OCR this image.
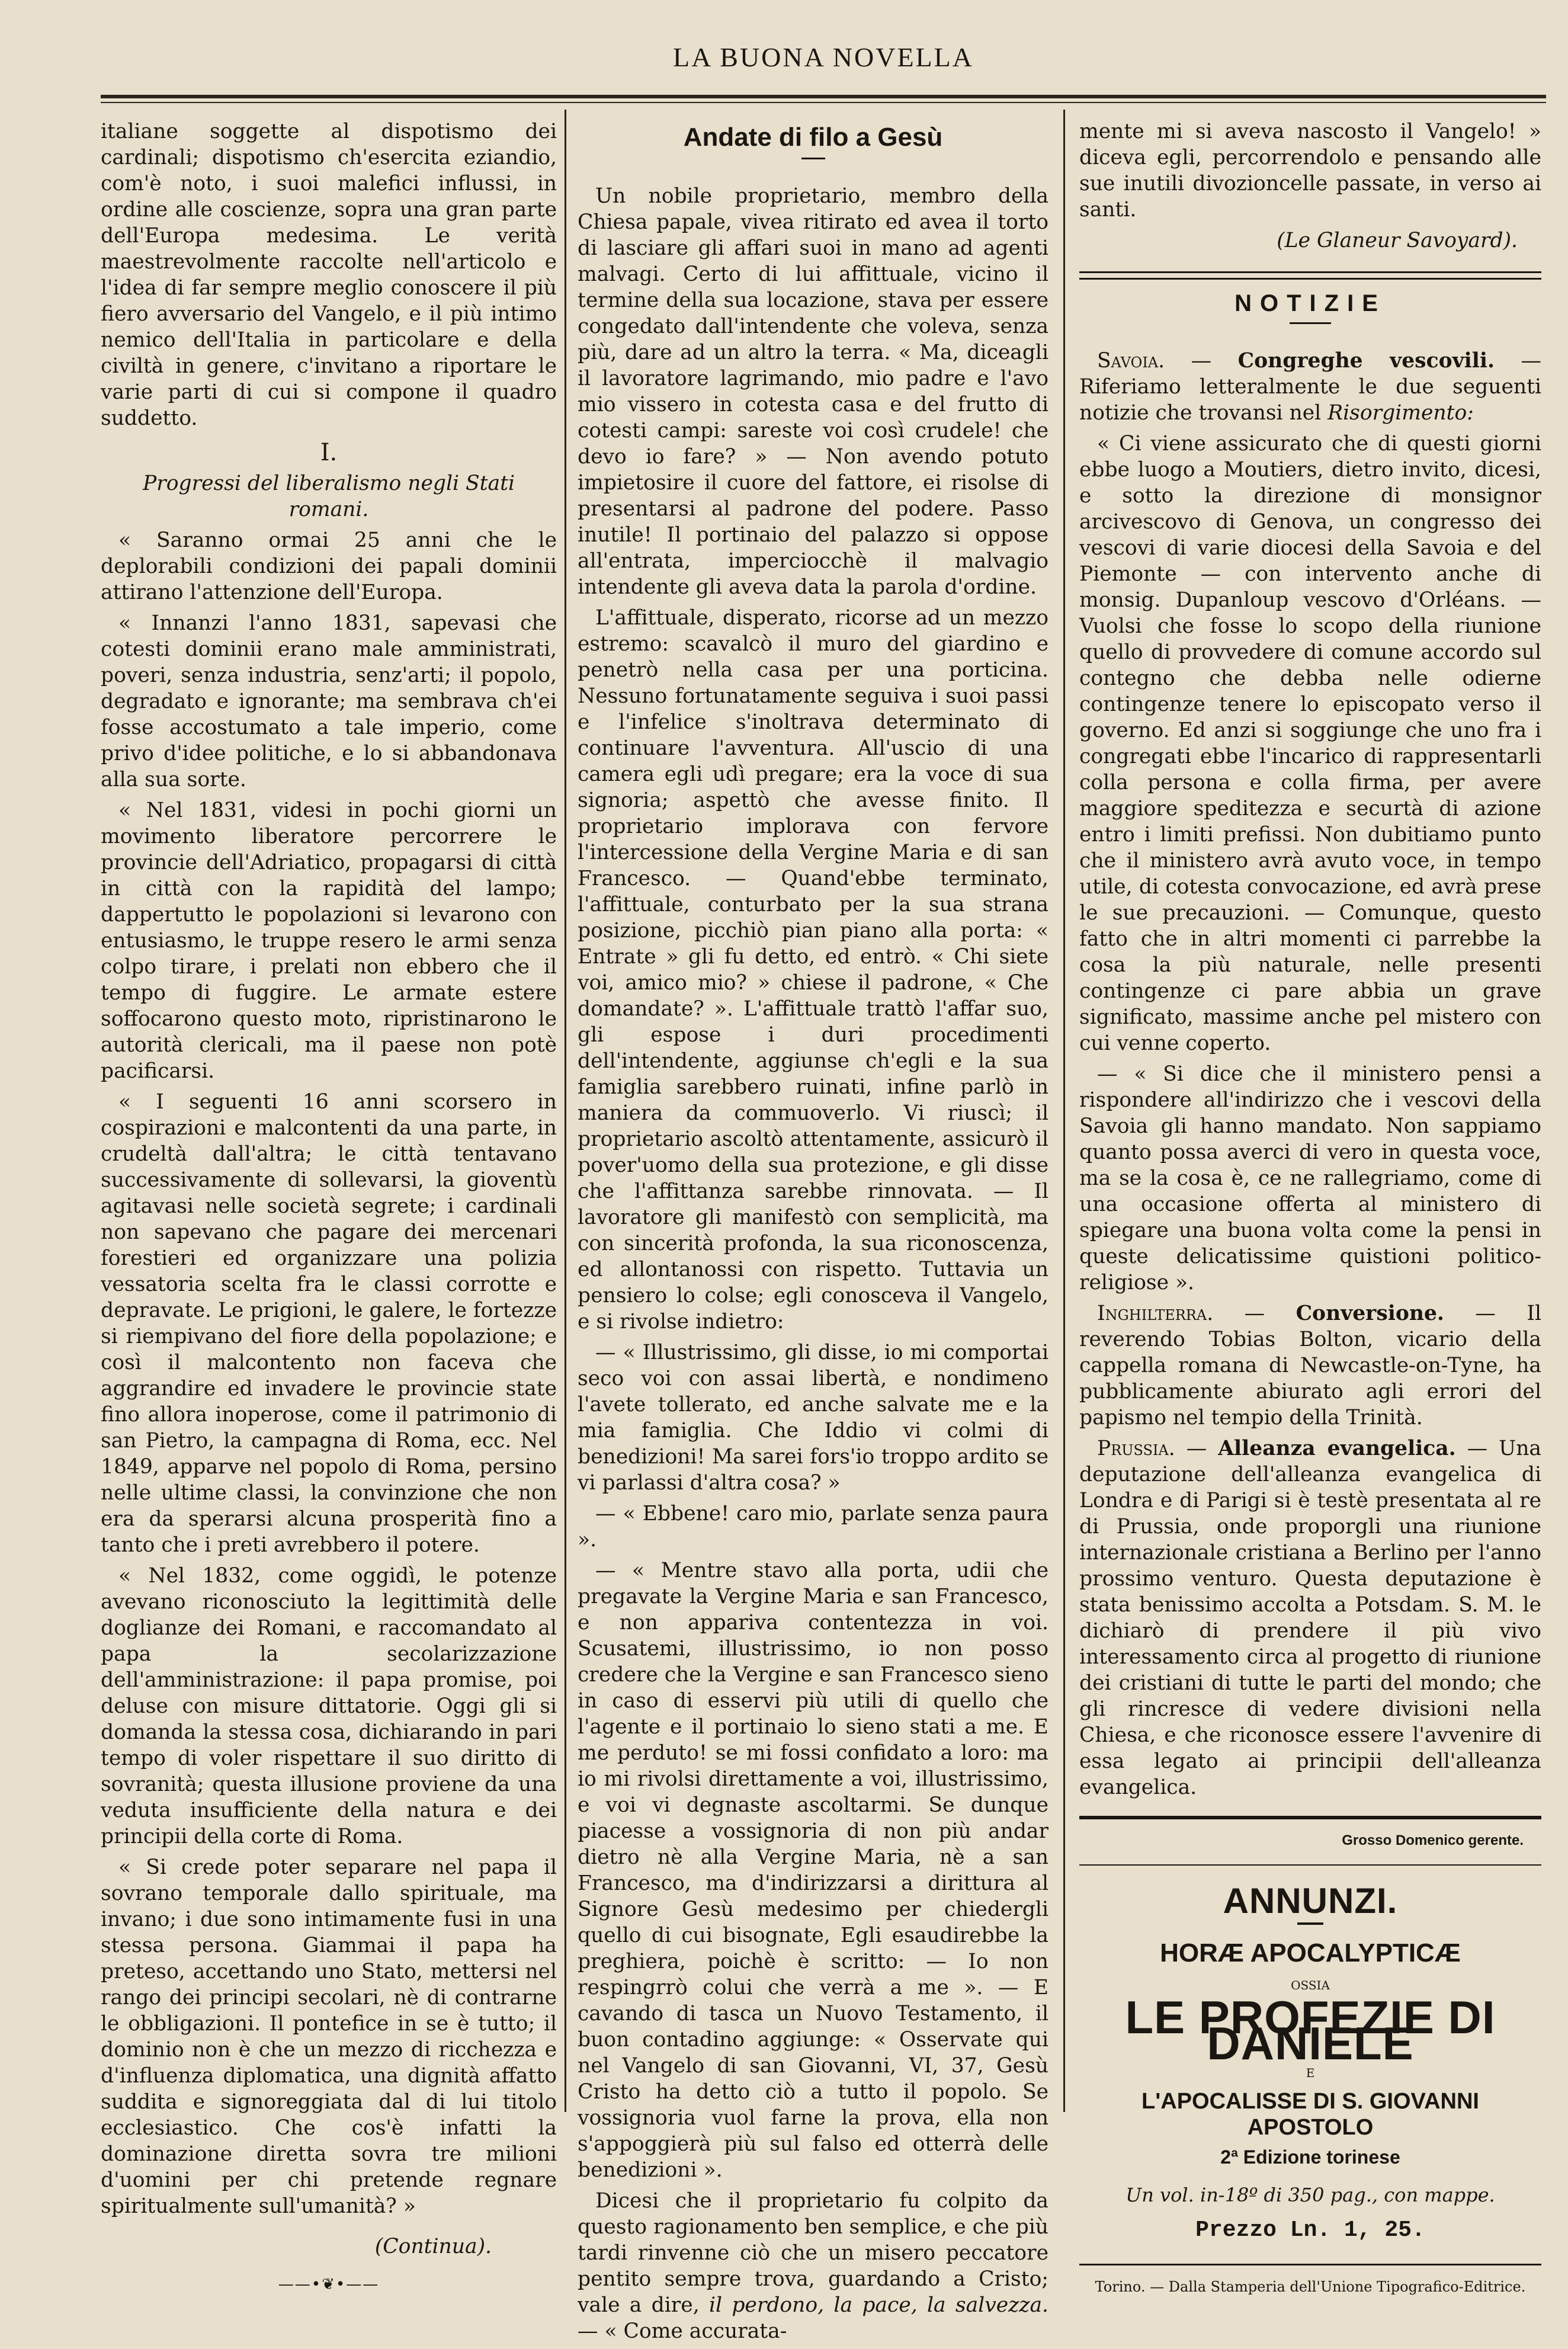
LA BUONA NOVELLA

italiane soggette al dispotismo dei cardinali; dispotismo ch'esercita eziandio, com'è noto, i suoi malefici influssi, in ordine alle coscienze, sopra una gran parte dell'Europa medesima. Le verità maestrevolmente raccolte nell'articolo e l'idea di far sempre meglio conoscere il più fiero avversario del Vangelo, e il più intimo nemico dell'Italia in particolare e della civiltà in genere, c'invitano a riportare le varie parti di cui si compone il quadro suddetto.

I.

Progressi del liberalismo negli Stati romani.

« Saranno ormai 25 anni che le deplorabili condizioni dei papali dominii attirano l'attenzione dell'Europa.

« Innanzi l'anno 1831, sapevasi che cotesti dominii erano male amministrati, poveri, senza industria, senz'arti; il popolo, degradato e ignorante; ma sembrava ch'ei fosse accostumato a tale imperio, come privo d'idee politiche, e lo si abbandonava alla sua sorte.

« Nel 1831, videsi in pochi giorni un movimento liberatore percorrere le provincie dell'Adriatico, propagarsi di città in città con la rapidità del lampo; dappertutto le popolazioni si levarono con entusiasmo, le truppe resero le armi senza colpo tirare, i prelati non ebbero che il tempo di fuggire. Le armate estere soffocarono questo moto, ripristinarono le autorità clericali, ma il paese non potè pacificarsi.

« I seguenti 16 anni scorsero in cospirazioni e malcontenti da una parte, in crudeltà dall'altra; le città tentavano successivamente di sollevarsi, la gioventù agitavasi nelle società segrete; i cardinali non sapevano che pagare dei mercenari forestieri ed organizzare una polizia vessatoria scelta fra le classi corrotte e depravate. Le prigioni, le galere, le fortezze si riempivano del fiore della popolazione; e così il malcontento non faceva che aggrandire ed invadere le provincie state fino allora inoperose, come il patrimonio di san Pietro, la campagna di Roma, ecc. Nel 1849, apparve nel popolo di Roma, persino nelle ultime classi, la convinzione che non era da sperarsi alcuna prosperità fino a tanto che i preti avrebbero il potere.

« Nel 1832, come oggidì, le potenze avevano riconosciuto la legittimità delle doglianze dei Romani, e raccomandato al papa la secolarizzazione dell'amministrazione: il papa promise, poi deluse con misure dittatorie. Oggi gli si domanda la stessa cosa, dichiarando in pari tempo di voler rispettare il suo diritto di sovranità; questa illusione proviene da una veduta insufficiente della natura e dei principii della corte di Roma.

« Si crede poter separare nel papa il sovrano temporale dallo spirituale, ma invano; i due sono intimamente fusi in una stessa persona. Giammai il papa ha preteso, accettando uno Stato, mettersi nel rango dei principi secolari, nè di contrarne le obbligazioni. Il pontefice in se è tutto; il dominio non è che un mezzo di ricchezza e d'influenza diplomatica, una dignità affatto suddita e signoreggiata dal di lui titolo ecclesiastico. Che cos'è infatti la dominazione diretta sovra tre milioni d'uomini per chi pretende regnare spiritualmente sull'umanità? »

(Continua).
——•❦•——
Andate di filo a Gesù

Un nobile proprietario, membro della Chiesa papale, vivea ritirato ed avea il torto di lasciare gli affari suoi in mano ad agenti malvagi. Certo di lui affittuale, vicino il termine della sua locazione, stava per essere congedato dall'intendente che voleva, senza più, dare ad un altro la terra. « Ma, diceagli il lavoratore lagrimando, mio padre e l'avo mio vissero in cotesta casa e del frutto di cotesti campi: sareste voi così crudele! che devo io fare? » — Non avendo potuto impietosire il cuore del fattore, ei risolse di presentarsi al padrone del podere. Passo inutile! Il portinaio del palazzo si oppose all'entrata, imperciocchè il malvagio intendente gli aveva data la parola d'ordine.

L'affittuale, disperato, ricorse ad un mezzo estremo: scavalcò il muro del giardino e penetrò nella casa per una porticina. Nessuno fortunatamente seguiva i suoi passi e l'infelice s'inoltrava determinato di continuare l'avventura. All'uscio di una camera egli udì pregare; era la voce di sua signoria; aspettò che avesse finito. Il proprietario implorava con fervore l'intercessione della Vergine Maria e di san Francesco. — Quand'ebbe terminato, l'affittuale, conturbato per la sua strana posizione, picchiò pian piano alla porta: « Entrate » gli fu detto, ed entrò. « Chi siete voi, amico mio? » chiese il padrone, « Che domandate? ». L'affittuale trattò l'affar suo, gli espose i duri procedimenti dell'intendente, aggiunse ch'egli e la sua famiglia sarebbero ruinati, infine parlò in maniera da commuoverlo. Vi riuscì; il proprietario ascoltò attentamente, assicurò il pover'uomo della sua protezione, e gli disse che l'affittanza sarebbe rinnovata. — Il lavoratore gli manifestò con semplicità, ma con sincerità profonda, la sua riconoscenza, ed allontanossi con rispetto. Tuttavia un pensiero lo colse; egli conosceva il Vangelo, e si rivolse indietro:

— « Illustrissimo, gli disse, io mi comportai seco voi con assai libertà, e nondimeno l'avete tollerato, ed anche salvate me e la mia famiglia. Che Iddio vi colmi di benedizioni! Ma sarei fors'io troppo ardito se vi parlassi d'altra cosa? »

— « Ebbene! caro mio, parlate senza paura ».

— « Mentre stavo alla porta, udii che pregavate la Vergine Maria e san Francesco, e non appariva contentezza in voi. Scusatemi, illustrissimo, io non posso credere che la Vergine e san Francesco sieno in caso di esservi più utili di quello che l'agente e il portinaio lo sieno stati a me. E me perduto! se mi fossi confidato a loro: ma io mi rivolsi direttamente a voi, illustrissimo, e voi vi degnaste ascoltarmi. Se dunque piacesse a vossignoria di non più andar dietro nè alla Vergine Maria, nè a san Francesco, ma d'indirizzarsi a dirittura al Signore Gesù medesimo per chiedergli quello di cui bisognate, Egli esaudirebbe la preghiera, poichè è scritto: — Io non respingrrò colui che verrà a me ». — E cavando di tasca un Nuovo Testamento, il buon contadino aggiunge: « Osservate qui nel Vangelo di san Giovanni, VI, 37, Gesù Cristo ha detto ciò a tutto il popolo. Se vossignoria vuol farne la prova, ella non s'appoggierà più sul falso ed otterrà delle benedizioni ».

Dicesi che il proprietario fu colpito da questo ragionamento ben semplice, e che più tardi rinvenne ciò che un misero peccatore pentito sempre trova, guardando a Cristo; vale a dire, il perdono, la pace, la salvezza. — « Come accurata-

mente mi si aveva nascosto il Vangelo! » diceva egli, percorrendolo e pensando alle sue inutili divozioncelle passate, in verso ai santi.

(Le Glaneur Savoyard).
NOTIZIE

Savoia. — Congreghe vescovili. — Riferiamo letteralmente le due seguenti notizie che trovansi nel Risorgimento:

« Ci viene assicurato che di questi giorni ebbe luogo a Moutiers, dietro invito, dicesi, e sotto la direzione di monsignor arcivescovo di Genova, un congresso dei vescovi di varie diocesi della Savoia e del Piemonte — con intervento anche di monsig. Dupanloup vescovo d'Orléans. — Vuolsi che fosse lo scopo della riunione quello di provvedere di comune accordo sul contegno che debba nelle odierne contingenze tenere lo episcopato verso il governo. Ed anzi si soggiunge che uno fra i congregati ebbe l'incarico di rappresentarli colla persona e colla firma, per avere maggiore speditezza e securtà di azione entro i limiti prefissi. Non dubitiamo punto che il ministero avrà avuto voce, in tempo utile, di cotesta convocazione, ed avrà prese le sue precauzioni. — Comunque, questo fatto che in altri momenti ci parrebbe la cosa la più naturale, nelle presenti contingenze ci pare abbia un grave significato, massime anche pel mistero con cui venne coperto.

— « Si dice che il ministero pensi a rispondere all'indirizzo che i vescovi della Savoia gli hanno mandato. Non sappiamo quanto possa averci di vero in questa voce, ma se la cosa è, ce ne rallegriamo, come di una occasione offerta al ministero di spiegare una buona volta come la pensi in queste delicatissime quistioni politico-religiose ».

Inghilterra. — Conversione. — Il reverendo Tobias Bolton, vicario della cappella romana di Newcastle-on-Tyne, ha pubblicamente abiurato agli errori del papismo nel tempio della Trinità.

Prussia. — Alleanza evangelica. — Una deputazione dell'alleanza evangelica di Londra e di Parigi si è testè presentata al re di Prussia, onde proporgli una riunione internazionale cristiana a Berlino per l'anno prossimo venturo. Questa deputazione è stata benissimo accolta a Potsdam. S. M. le dichiarò di prendere il più vivo interessamento circa al progetto di riunione dei cristiani di tutte le parti del mondo; che gli rincresce di vedere divisioni nella Chiesa, e che riconosce essere l'avvenire di essa legato ai principii dell'alleanza evangelica.

Grosso Domenico gerente.
ANNUNZI.
HORÆ APOCALYPTICÆ
OSSIA
LE PROFEZIE DI DANIELE
E
L'APOCALISSE DI S. GIOVANNI APOSTOLO
2ª Edizione torinese
Un vol. in-18º di 350 pag., con mappe.
Prezzo Ln. 1, 25.
Torino. — Dalla Stamperia dell'Unione Tipografico-Editrice.
